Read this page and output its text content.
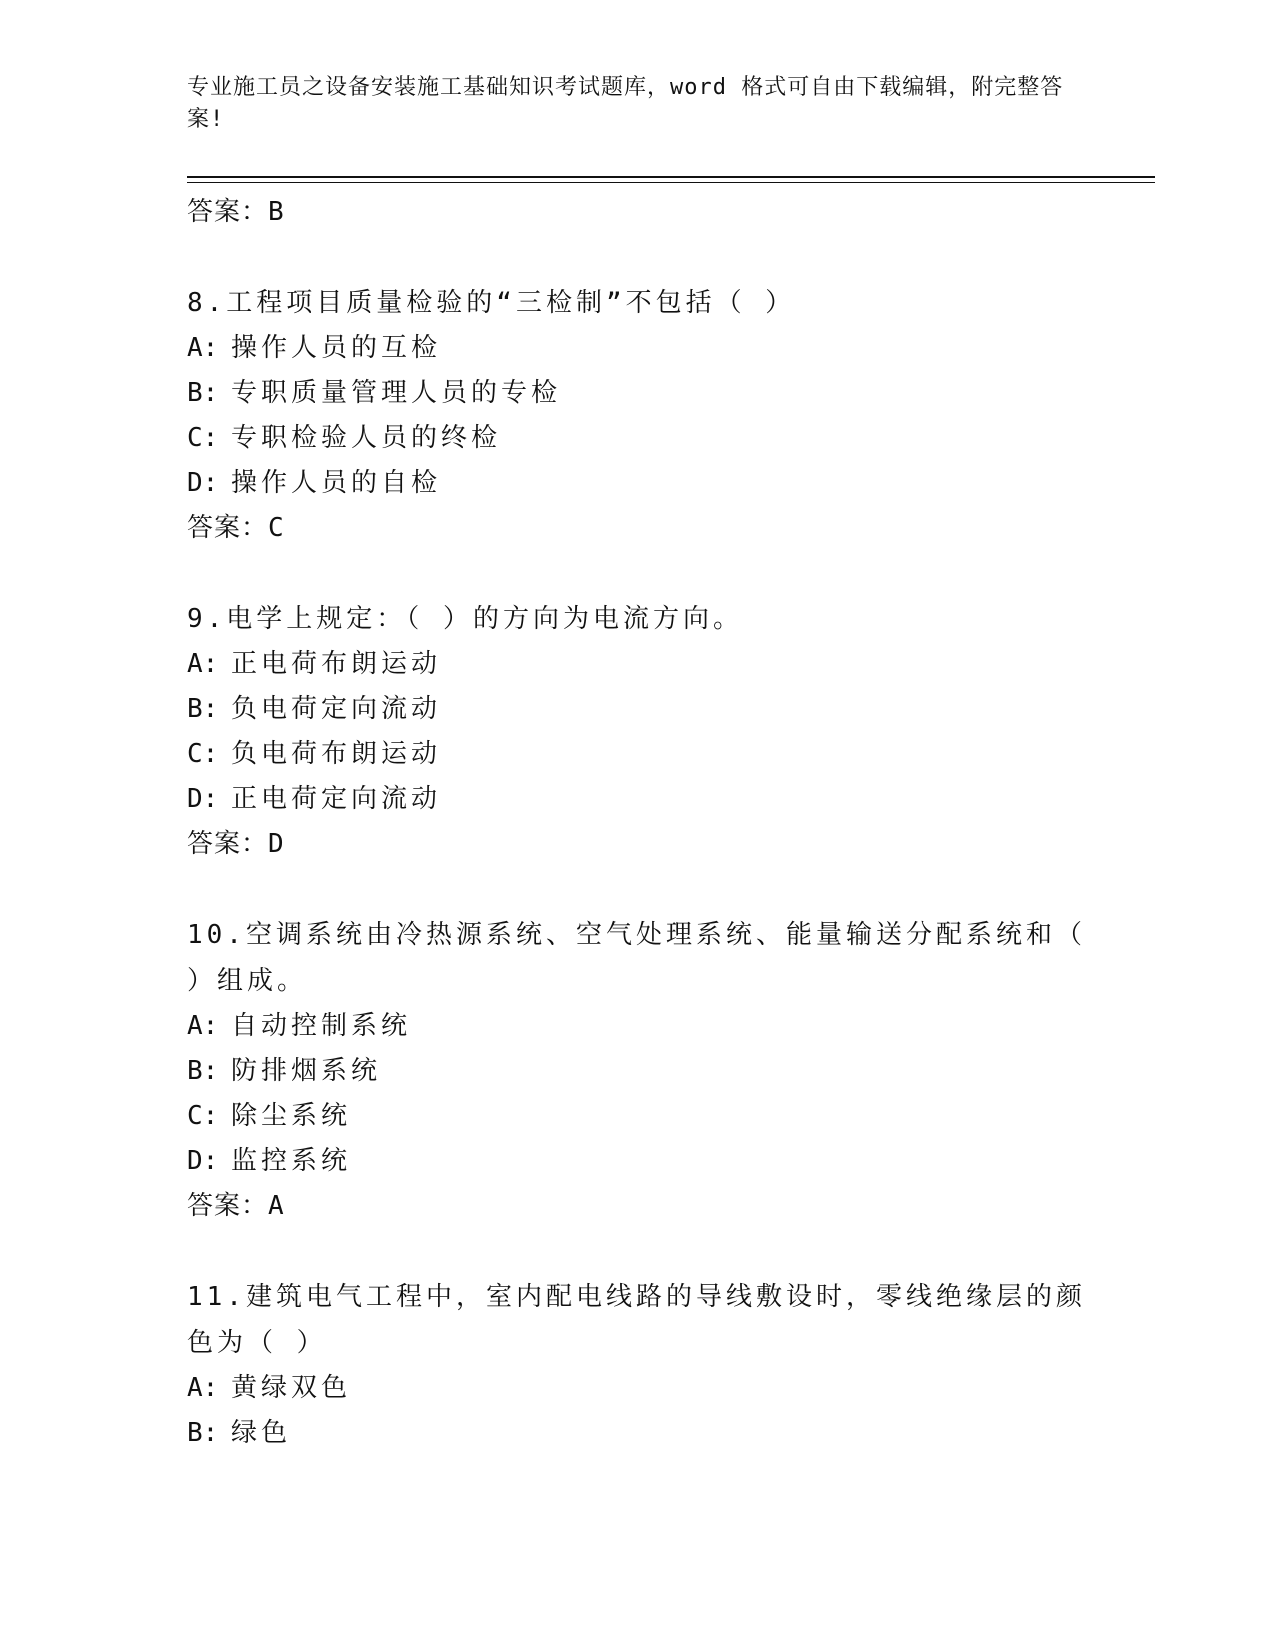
专业施工员之设备安装施工基础知识考试题库，word 格式可自由下载编辑，附完整答案!
答案：B
8.工程项目质量检验的“三检制”不包括（ ）
A: 操作人员的互检
B: 专职质量管理人员的专检
C: 专职检验人员的终检
D: 操作人员的自检
答案：C
9.电学上规定：（ ）的方向为电流方向。
A: 正电荷布朗运动
B: 负电荷定向流动
C: 负电荷布朗运动
D: 正电荷定向流动
答案：D
10.空调系统由冷热源系统、空气处理系统、能量输送分配系统和（ ）组成。
A: 自动控制系统
B: 防排烟系统
C: 除尘系统
D: 监控系统
答案：A
11.建筑电气工程中，室内配电线路的导线敷设时，零线绝缘层的颜色为（ ）
A: 黄绿双色
B: 绿色
